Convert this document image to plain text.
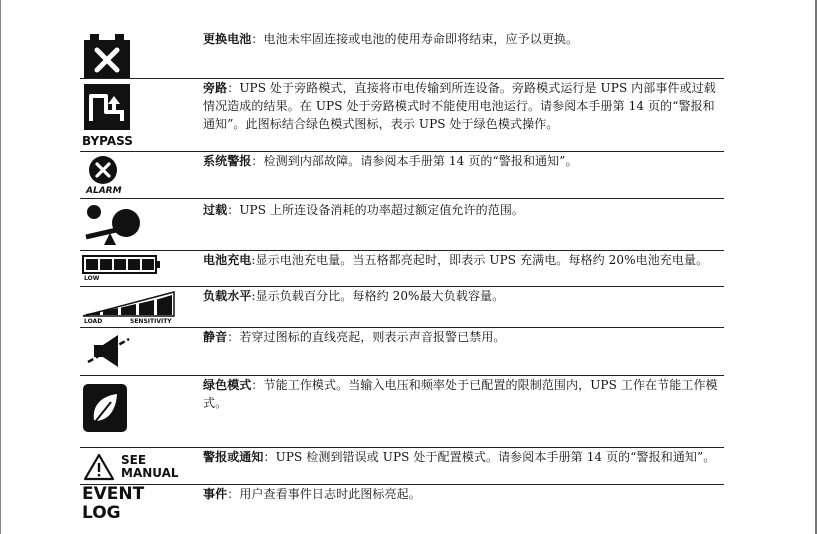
更换电池：电池未牢固连接或电池的使用寿命即将结束，应予以更换。
BYPASS
旁路：UPS 处于旁路模式，直接将市电传输到所连设备。旁路模式运行是 UPS 内部事件或过载情况造成的结果。在 UPS 处于旁路模式时不能使用电池运行。请参阅本手册第 14 页的“警报和通知”。此图标结合绿色模式图标，表示 UPS 处于绿色模式操作。
ALARM
系统警报：检测到内部故障。请参阅本手册第 14 页的“警报和通知”。
过载：UPS 上所连设备消耗的功率超过额定值允许的范围。
LOW
电池充电:显示电池充电量。当五格都亮起时，即表示 UPS 充满电。每格约 20%电池充电量。
LOAD	SENSITIVITY
负载水平:显示负载百分比。每格约 20%最大负载容量。
静音：若穿过图标的直线亮起，则表示声音报警已禁用。
绿色模式：节能工作模式。当输入电压和频率处于已配置的限制范围内，UPS 工作在节能工作模式。
SEE
MANUAL
警报或通知：UPS 检测到错误或 UPS 处于配置模式。请参阅本手册第 14 页的“警报和通知”。
EVENT
LOG
事件：用户查看事件日志时此图标亮起。
